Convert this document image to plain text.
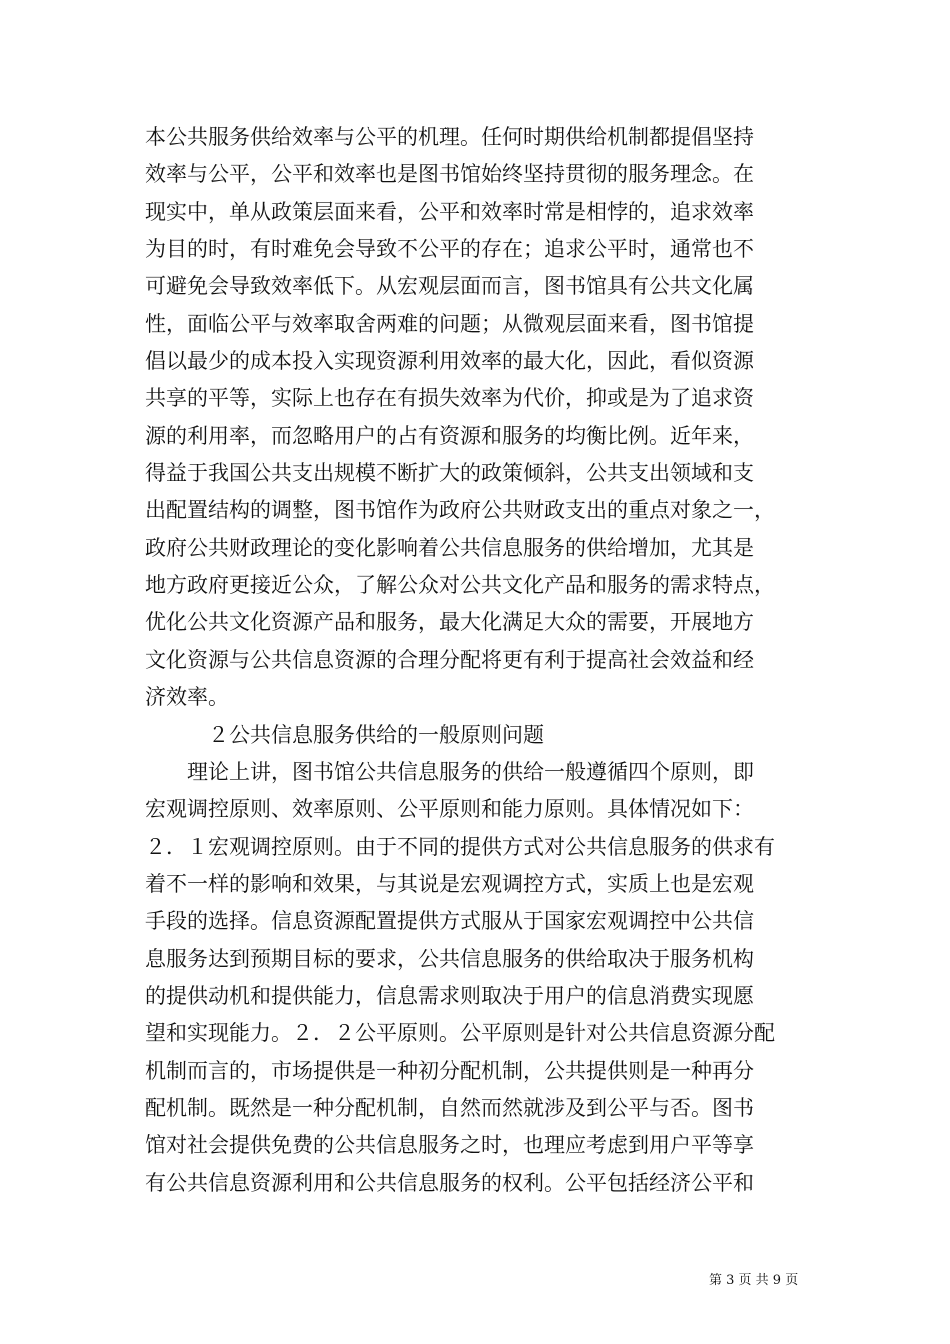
本公共服务供给效率与公平的机理。任何时期供给机制都提倡坚持
效率与公平，公平和效率也是图书馆始终坚持贯彻的服务理念。在
现实中，单从政策层面来看，公平和效率时常是相悖的，追求效率
为目的时，有时难免会导致不公平的存在；追求公平时，通常也不
可避免会导致效率低下。从宏观层面而言，图书馆具有公共文化属
性，面临公平与效率取舍两难的问题；从微观层面来看，图书馆提
倡以最少的成本投入实现资源利用效率的最大化，因此，看似资源
共享的平等，实际上也存在有损失效率为代价，抑或是为了追求资
源的利用率，而忽略用户的占有资源和服务的均衡比例。近年来，
得益于我国公共支出规模不断扩大的政策倾斜，公共支出领域和支
出配置结构的调整，图书馆作为政府公共财政支出的重点对象之一，
政府公共财政理论的变化影响着公共信息服务的供给增加，尤其是
地方政府更接近公众，了解公众对公共文化产品和服务的需求特点，
优化公共文化资源产品和服务，最大化满足大众的需要，开展地方
文化资源与公共信息资源的合理分配将更有利于提高社会效益和经
济效率。
　　　２公共信息服务供给的一般原则问题
　　理论上讲，图书馆公共信息服务的供给一般遵循四个原则，即
宏观调控原则、效率原则、公平原则和能力原则。具体情况如下：
２．１宏观调控原则。由于不同的提供方式对公共信息服务的供求有
着不一样的影响和效果，与其说是宏观调控方式，实质上也是宏观
手段的选择。信息资源配置提供方式服从于国家宏观调控中公共信
息服务达到预期目标的要求，公共信息服务的供给取决于服务机构
的提供动机和提供能力，信息需求则取决于用户的信息消费实现愿
望和实现能力。２．２公平原则。公平原则是针对公共信息资源分配
机制而言的，市场提供是一种初分配机制，公共提供则是一种再分
配机制。既然是一种分配机制，自然而然就涉及到公平与否。图书
馆对社会提供免费的公共信息服务之时，也理应考虑到用户平等享
有公共信息资源利用和公共信息服务的权利。公平包括经济公平和
第 3 页 共 9 页
